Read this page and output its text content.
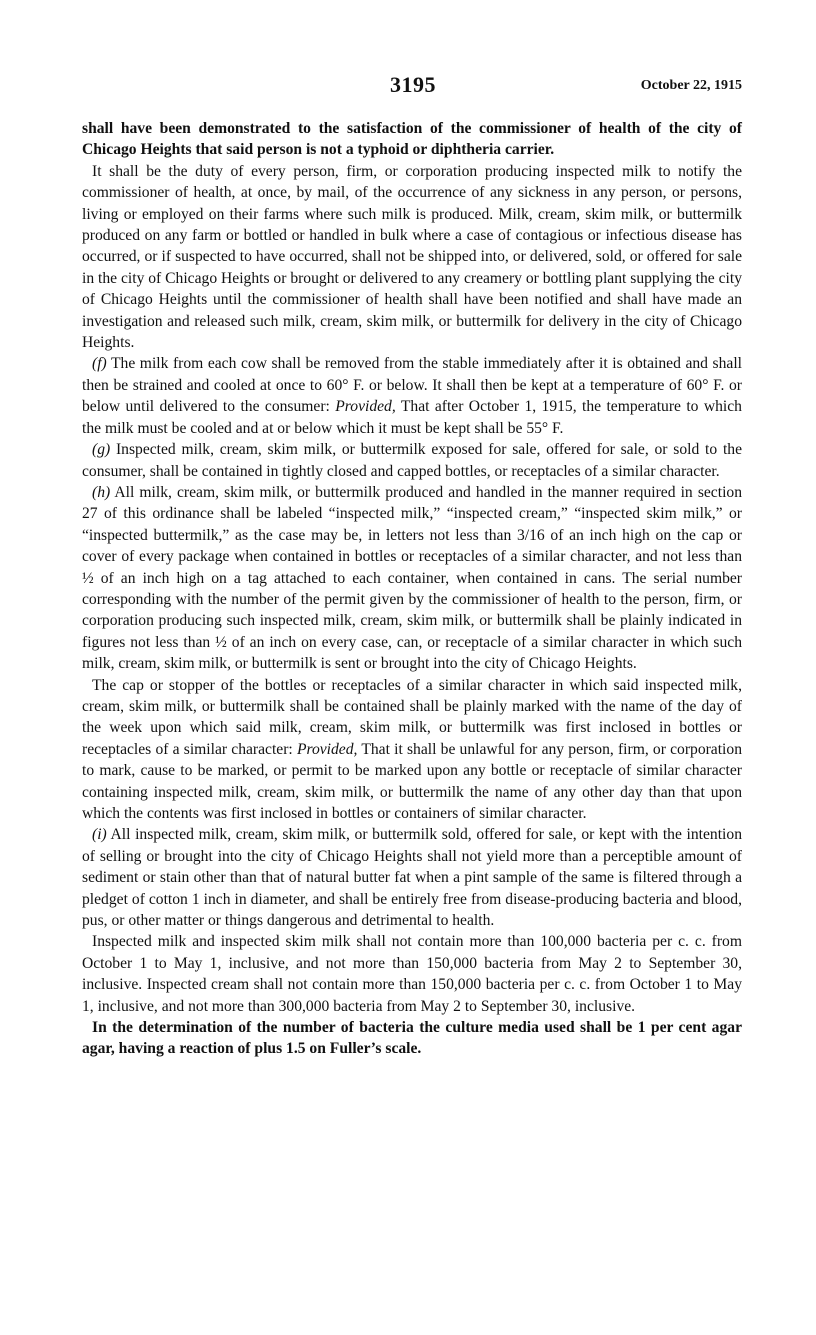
3195	October 22, 1915

shall have been demonstrated to the satisfaction of the commissioner of health of the city of Chicago Heights that said person is not a typhoid or diphtheria carrier.

It shall be the duty of every person, firm, or corporation producing inspected milk to notify the commissioner of health, at once, by mail, of the occurrence of any sickness in any person, or persons, living or employed on their farms where such milk is produced. Milk, cream, skim milk, or buttermilk produced on any farm or bottled or handled in bulk where a case of contagious or infectious disease has occurred, or if suspected to have occurred, shall not be shipped into, or delivered, sold, or offered for sale in the city of Chicago Heights or brought or delivered to any creamery or bottling plant supplying the city of Chicago Heights until the commissioner of health shall have been notified and shall have made an investigation and released such milk, cream, skim milk, or buttermilk for delivery in the city of Chicago Heights.

(f) The milk from each cow shall be removed from the stable immediately after it is obtained and shall then be strained and cooled at once to 60° F. or below. It shall then be kept at a temperature of 60° F. or below until delivered to the consumer: Provided, That after October 1, 1915, the temperature to which the milk must be cooled and at or below which it must be kept shall be 55° F.

(g) Inspected milk, cream, skim milk, or buttermilk exposed for sale, offered for sale, or sold to the consumer, shall be contained in tightly closed and capped bottles, or receptacles of a similar character.

(h) All milk, cream, skim milk, or buttermilk produced and handled in the manner required in section 27 of this ordinance shall be labeled “inspected milk,” “inspected cream,” “inspected skim milk,” or “inspected buttermilk,” as the case may be, in letters not less than 3/16 of an inch high on the cap or cover of every package when contained in bottles or receptacles of a similar character, and not less than ½ of an inch high on a tag attached to each container, when contained in cans. The serial number corresponding with the number of the permit given by the commissioner of health to the person, firm, or corporation producing such inspected milk, cream, skim milk, or buttermilk shall be plainly indicated in figures not less than ½ of an inch on every case, can, or receptacle of a similar character in which such milk, cream, skim milk, or buttermilk is sent or brought into the city of Chicago Heights.

The cap or stopper of the bottles or receptacles of a similar character in which said inspected milk, cream, skim milk, or buttermilk shall be contained shall be plainly marked with the name of the day of the week upon which said milk, cream, skim milk, or buttermilk was first inclosed in bottles or receptacles of a similar character: Provided, That it shall be unlawful for any person, firm, or corporation to mark, cause to be marked, or permit to be marked upon any bottle or receptacle of similar character containing inspected milk, cream, skim milk, or buttermilk the name of any other day than that upon which the contents was first inclosed in bottles or containers of similar character.

(i) All inspected milk, cream, skim milk, or buttermilk sold, offered for sale, or kept with the intention of selling or brought into the city of Chicago Heights shall not yield more than a perceptible amount of sediment or stain other than that of natural butter fat when a pint sample of the same is filtered through a pledget of cotton 1 inch in diameter, and shall be entirely free from disease-producing bacteria and blood, pus, or other matter or things dangerous and detrimental to health.

Inspected milk and inspected skim milk shall not contain more than 100,000 bacteria per c. c. from October 1 to May 1, inclusive, and not more than 150,000 bacteria from May 2 to September 30, inclusive. Inspected cream shall not contain more than 150,000 bacteria per c. c. from October 1 to May 1, inclusive, and not more than 300,000 bacteria from May 2 to September 30, inclusive.

In the determination of the number of bacteria the culture media used shall be 1 per cent agar agar, having a reaction of plus 1.5 on Fuller’s scale.
